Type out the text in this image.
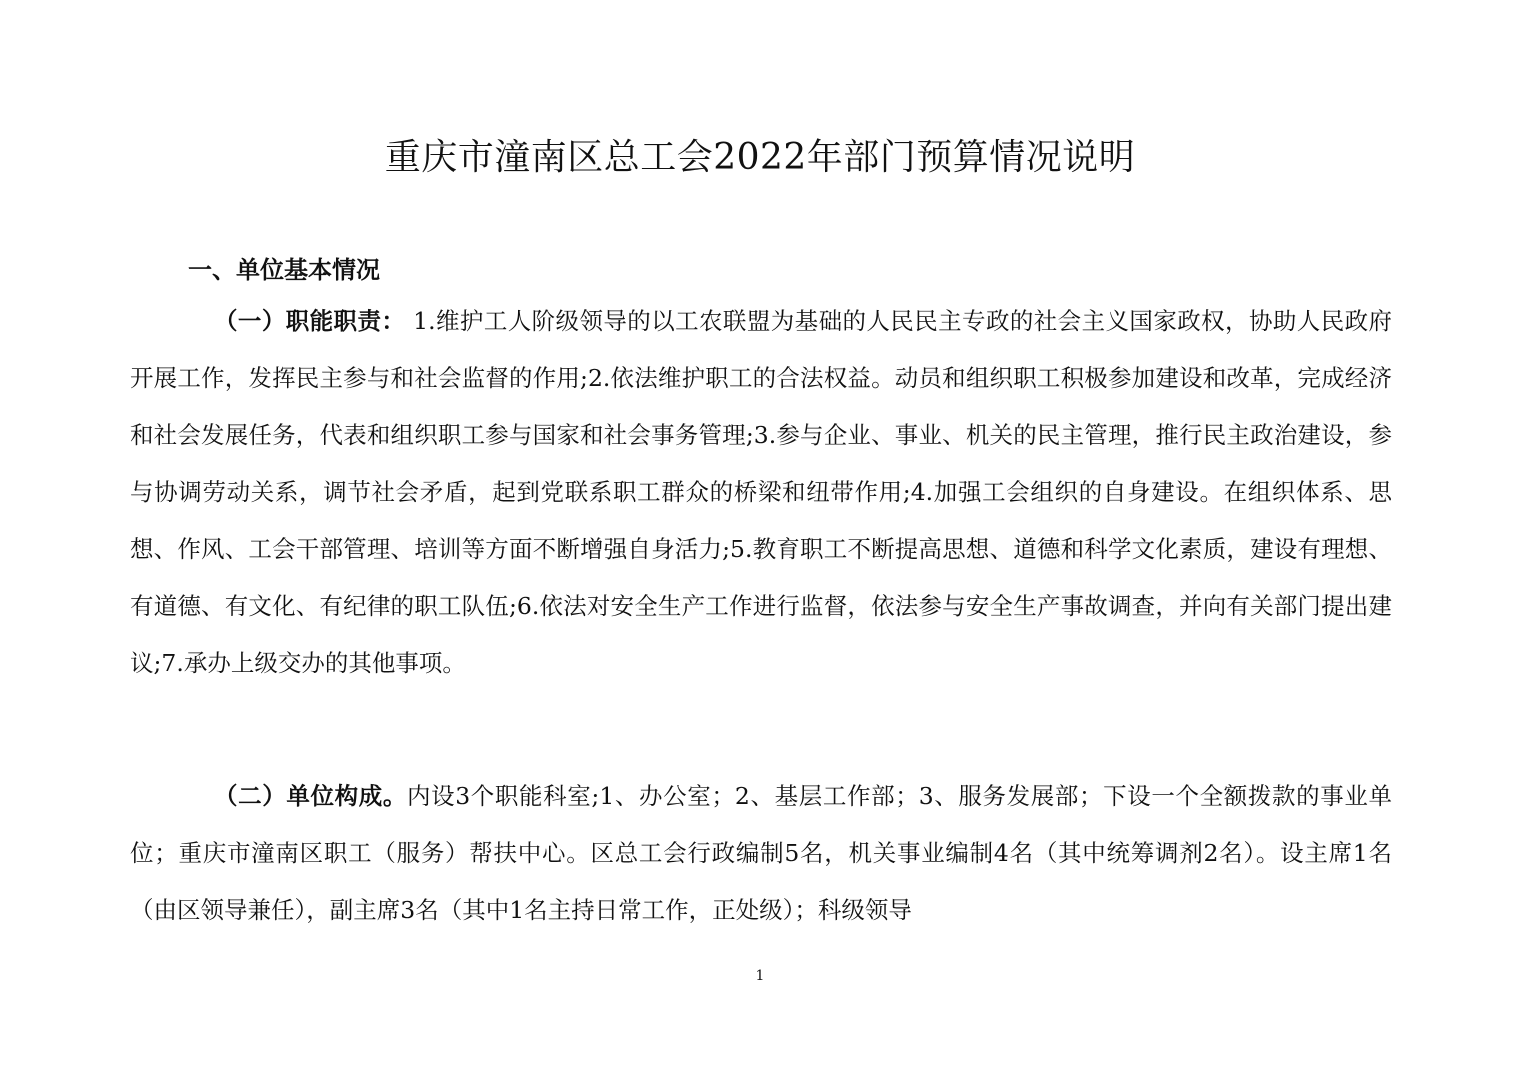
重庆市潼南区总工会2022年部门预算情况说明
一、单位基本情况

（一）职能职责： 1.维护工人阶级领导的以工农联盟为基础的人民民主专政的社会主义国家政权，协助人民政府开展工作，发挥民主参与和社会监督的作用;2.依法维护职工的合法权益。动员和组织职工积极参加建设和改革，完成经济和社会发展任务，代表和组织职工参与国家和社会事务管理;3.参与企业、事业、机关的民主管理，推行民主政治建设，参与协调劳动关系，调节社会矛盾，起到党联系职工群众的桥梁和纽带作用;4.加强工会组织的自身建设。在组织体系、思想、作风、工会干部管理、培训等方面不断增强自身活力;5.教育职工不断提高思想、道德和科学文化素质，建设有理想、有道德、有文化、有纪律的职工队伍;6.依法对安全生产工作进行监督，依法参与安全生产事故调查，并向有关部门提出建议;7.承办上级交办的其他事项。

（二）单位构成。内设3个职能科室;1、办公室；2、基层工作部；3、服务发展部；下设一个全额拨款的事业单位；重庆市潼南区职工（服务）帮扶中心。区总工会行政编制5名，机关事业编制4名（其中统筹调剂2名）。设主席1名（由区领导兼任），副主席3名（其中1名主持日常工作，正处级）；科级领导

1
